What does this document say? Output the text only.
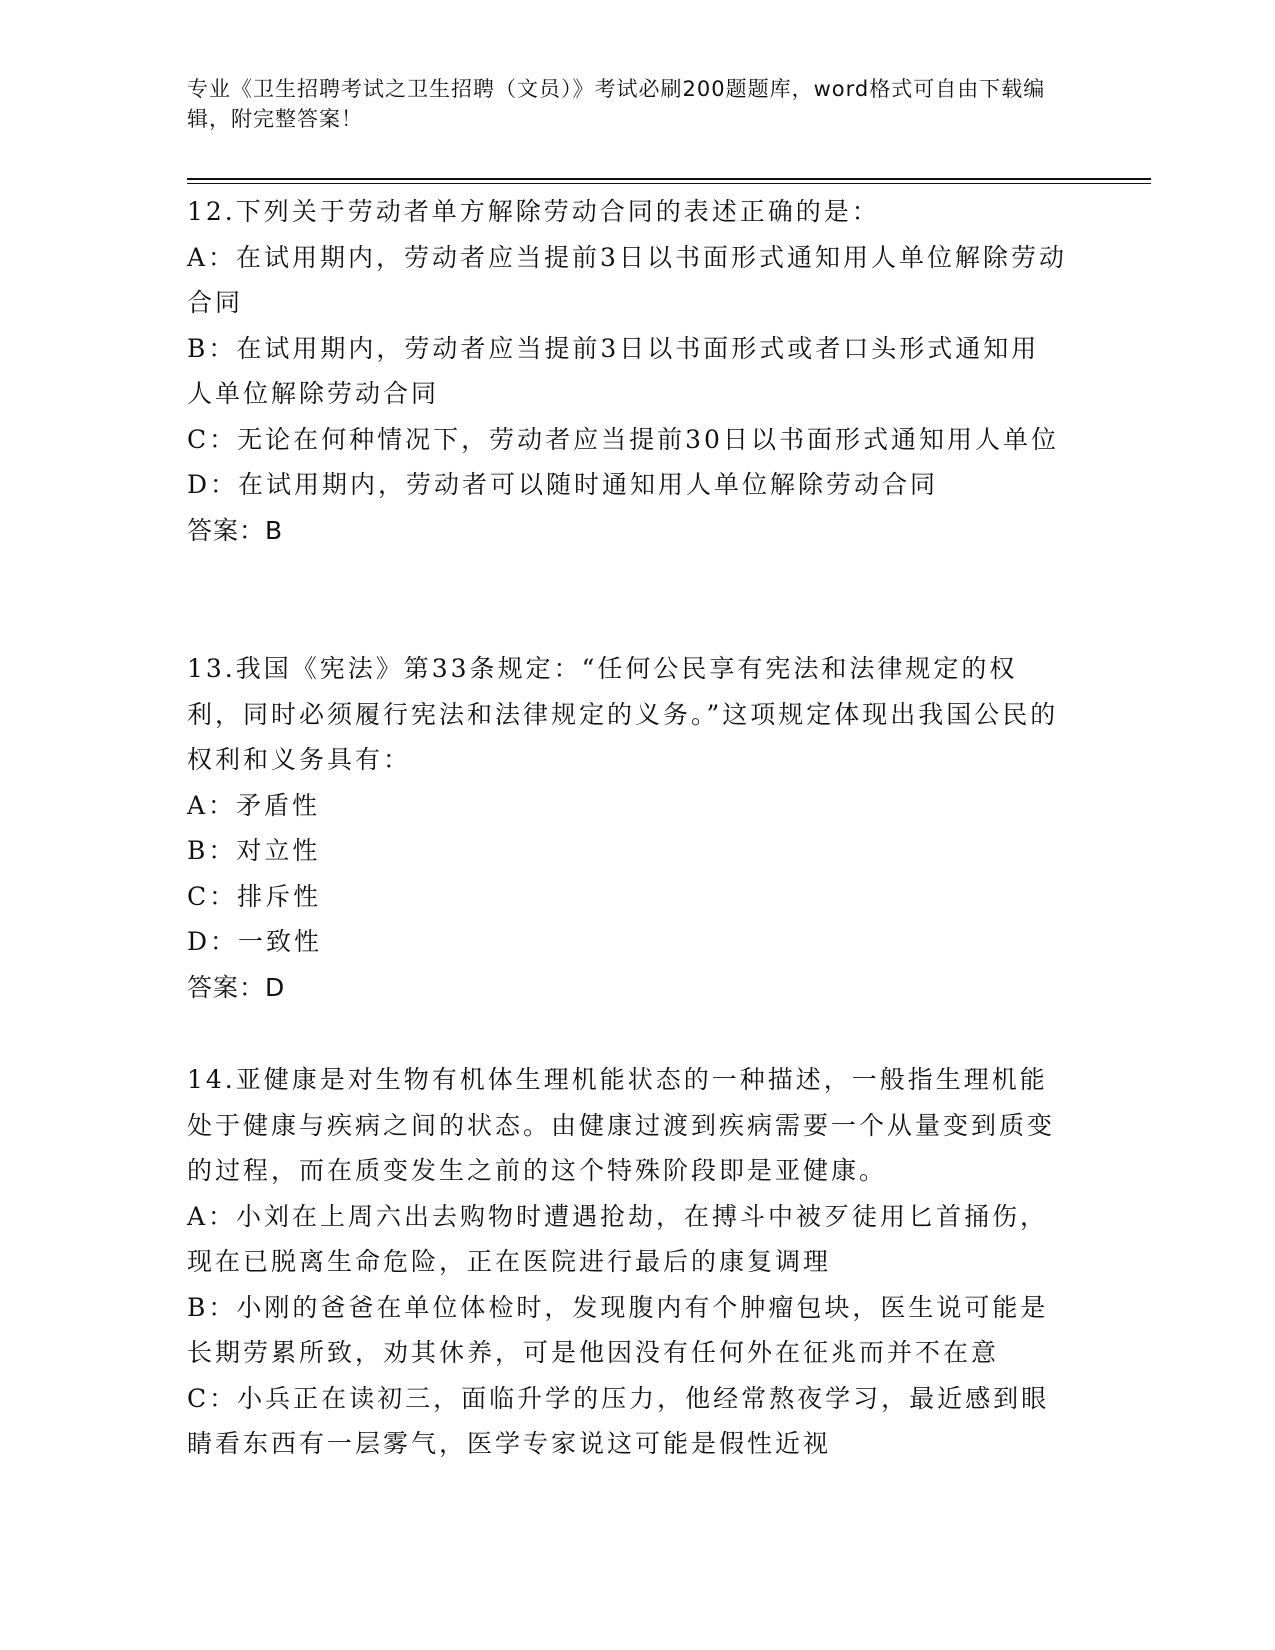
专业《卫生招聘考试之卫生招聘（文员）》考试必刷200题题库，word格式可自由下载编辑，附完整答案！

12.下列关于劳动者单方解除劳动合同的表述正确的是：

A：在试用期内，劳动者应当提前3日以书面形式通知用人单位解除劳动合同

B：在试用期内，劳动者应当提前3日以书面形式或者口头形式通知用人单位解除劳动合同

C：无论在何种情况下，劳动者应当提前30日以书面形式通知用人单位

D：在试用期内，劳动者可以随时通知用人单位解除劳动合同

答案：B

13.我国《宪法》第33条规定：“任何公民享有宪法和法律规定的权利，同时必须履行宪法和法律规定的义务。”这项规定体现出我国公民的权利和义务具有：

A：矛盾性

B：对立性

C：排斥性

D：一致性

答案：D

14.亚健康是对生物有机体生理机能状态的一种描述，一般指生理机能处于健康与疾病之间的状态。由健康过渡到疾病需要一个从量变到质变的过程，而在质变发生之前的这个特殊阶段即是亚健康。

A：小刘在上周六出去购物时遭遇抢劫，在搏斗中被歹徒用匕首捅伤，现在已脱离生命危险，正在医院进行最后的康复调理

B：小刚的爸爸在单位体检时，发现腹内有个肿瘤包块，医生说可能是长期劳累所致，劝其休养，可是他因没有任何外在征兆而并不在意

C：小兵正在读初三，面临升学的压力，他经常熬夜学习，最近感到眼睛看东西有一层雾气，医学专家说这可能是假性近视
